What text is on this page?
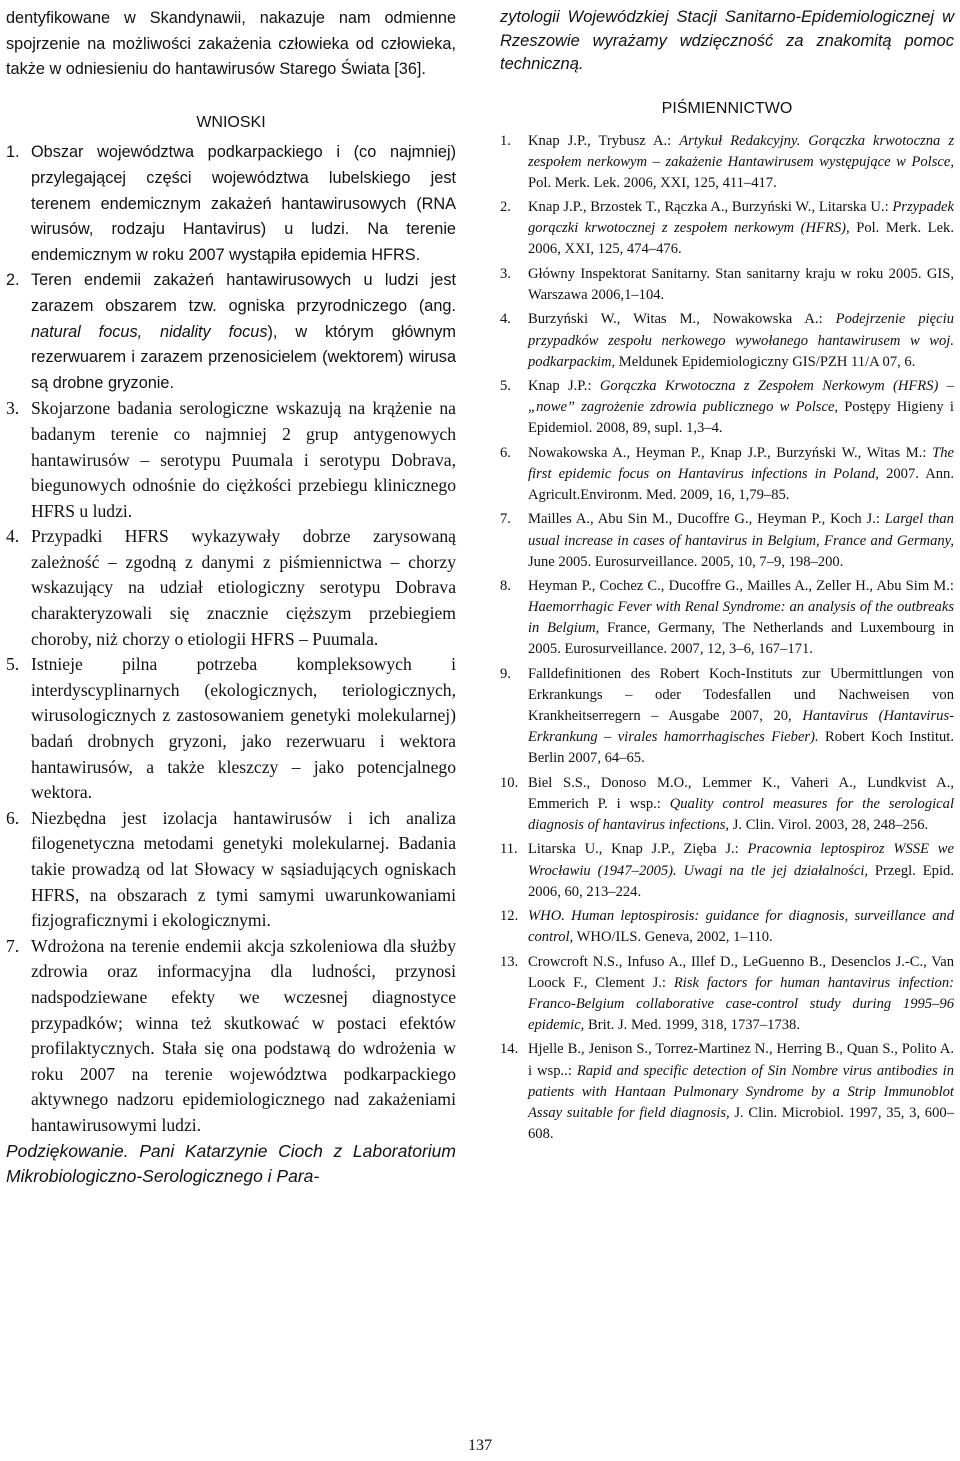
dentyfikowane w Skandynawii, nakazuje nam odmienne spojrzenie na możliwości zakażenia człowieka od człowieka, także w odniesieniu do hantawirusów Starego Świata [36].

WNIOSKI
1. Obszar województwa podkarpackiego i (co najmniej) przylegającej części województwa lubelskiego jest terenem endemicznym zakażeń hantawirusowych (RNA wirusów, rodzaju Hantavirus) u ludzi. Na terenie endemicznym w roku 2007 wystąpiła epidemia HFRS.
2. Teren endemii zakażeń hantawirusowych u ludzi jest zarazem obszarem tzw. ogniska przyrodniczego (ang. natural focus, nidality focus), w którym głównym rezerwuarem i zarazem przenosicielem (wektorem) wirusa są drobne gryzonie.
3. Skojarzone badania serologiczne wskazują na krążenie na badanym terenie co najmniej 2 grup antygenowych hantawirusów – serotypu Puumala i serotypu Dobrava, biegunowych odnośnie do ciężkości przebiegu klinicznego HFRS u ludzi.
4. Przypadki HFRS wykazywały dobrze zarysowaną zależność – zgodną z danymi z piśmiennictwa – chorzy wskazujący na udział etiologiczny serotypu Dobrava charakteryzowali się znacznie cięższym przebiegiem choroby, niż chorzy o etiologii HFRS – Puumala.
5. Istnieje pilna potrzeba kompleksowych i interdyscyplinarnych (ekologicznych, teriologicznych, wirusologicznych z zastosowaniem genetyki molekularnej) badań drobnych gryzoni, jako rezerwuaru i wektora hantawirusów, a także kleszczy – jako potencjalnego wektora.
6. Niezbędna jest izolacja hantawirusów i ich analiza filogenetyczna metodami genetyki molekularnej. Badania takie prowadzą od lat Słowacy w sąsiadujących ogniskach HFRS, na obszarach z tymi samymi uwarunkowaniami fizjograficznymi i ekologicznymi.
7. Wdrożona na terenie endemii akcja szkoleniowa dla służby zdrowia oraz informacyjna dla ludności, przynosi nadspodziewane efekty we wczesnej diagnostyce przypadków; winna też skutkować w postaci efektów profilaktycznych. Stała się ona podstawą do wdrożenia w roku 2007 na terenie województwa podkarpackiego aktywnego nadzoru epidemiologicznego nad zakażeniami hantawirusowymi ludzi.

Podziękowanie. Pani Katarzynie Cioch z Laboratorium Mikrobiologiczno-Serologicznego i Para-

zytologii Wojewódzkiej Stacji Sanitarno-Epidemiologicznej w Rzeszowie wyrażamy wdzięczność za znakomitą pomoc techniczną.

PIŚMIENNICTWO
1.	Knap J.P., Trybusz A.: Artykuł Redakcyjny. Gorączka krwotoczna z zespołem nerkowym – zakażenie Hantawirusem występujące w Polsce, Pol. Merk. Lek. 2006, XXI, 125, 411–417.
2.	Knap J.P., Brzostek T., Rączka A., Burzyński W., Litarska U.: Przypadek gorączki krwotocznej z zespołem nerkowym (HFRS), Pol. Merk. Lek. 2006, XXI, 125, 474–476.
3.	Główny Inspektorat Sanitarny. Stan sanitarny kraju w roku 2005. GIS, Warszawa 2006,1–104.
4.	Burzyński W., Witas M., Nowakowska A.: Podejrzenie pięciu przypadków zespołu nerkowego wywołanego hantawirusem w woj. podkarpackim, Meldunek Epidemiologiczny GIS/PZH 11/A 07, 6.
5.	Knap J.P.: Gorączka Krwotoczna z Zespołem Nerkowym (HFRS) – „nowe” zagrożenie zdrowia publicznego w Polsce, Postępy Higieny i Epidemiol. 2008, 89, supl. 1,3–4.
6.	Nowakowska A., Heyman P., Knap J.P., Burzyński W., Witas M.: The first epidemic focus on Hantavirus infections in Poland, 2007. Ann. Agricult.Environm. Med. 2009, 16, 1,79–85.
7.	Mailles A., Abu Sin M., Ducoffre G., Heyman P., Koch J.: Largel than usual increase in cases of hantavirus in Belgium, France and Germany, June 2005. Eurosurveillance. 2005, 10, 7–9, 198–200.
8.	Heyman P., Cochez C., Ducoffre G., Mailles A., Zeller H., Abu Sim M.: Haemorrhagic Fever with Renal Syndrome: an analysis of the outbreaks in Belgium, France, Germany, The Netherlands and Luxembourg in 2005. Eurosurveillance. 2007, 12, 3–6, 167–171.
9.	Falldefinitionen des Robert Koch-Instituts zur Ubermittlungen von Erkrankungs – oder Todesfallen und Nachweisen von Krankheitserregern – Ausgabe 2007, 20, Hantavirus (Hantavirus-Erkrankung – virales hamorrhagisches Fieber). Robert Koch Institut. Berlin 2007, 64–65.
10. Biel S.S., Donoso M.O., Lemmer K., Vaheri A., Lundkvist A., Emmerich P. i wsp.: Quality control measures for the serological diagnosis of hantavirus infections, J. Clin. Virol. 2003, 28, 248–256.
11. Litarska U., Knap J.P., Zięba J.: Pracownia leptospiroz WSSE we Wrocławiu (1947–2005). Uwagi na tle jej działalności, Przegl. Epid. 2006, 60, 213–224.
12. WHO. Human leptospirosis: guidance for diagnosis, surveillance and control, WHO/ILS. Geneva, 2002, 1–110.
13. Crowcroft N.S., Infuso A., Illef D., LeGuenno B., Desenclos J.-C., Van Loock F., Clement J.: Risk factors for human hantavirus infection: Franco-Belgium collaborative case-control study during 1995–96 epidemic, Brit. J. Med. 1999, 318, 1737–1738.
14. Hjelle B., Jenison S., Torrez-Martinez N., Herring B., Quan S., Polito A. i wsp..: Rapid and specific detection of Sin Nombre virus antibodies in patients with Hantaan Pulmonary Syndrome by a Strip Immunoblot Assay suitable for field diagnosis, J. Clin. Microbiol. 1997, 35, 3, 600–608.
137
